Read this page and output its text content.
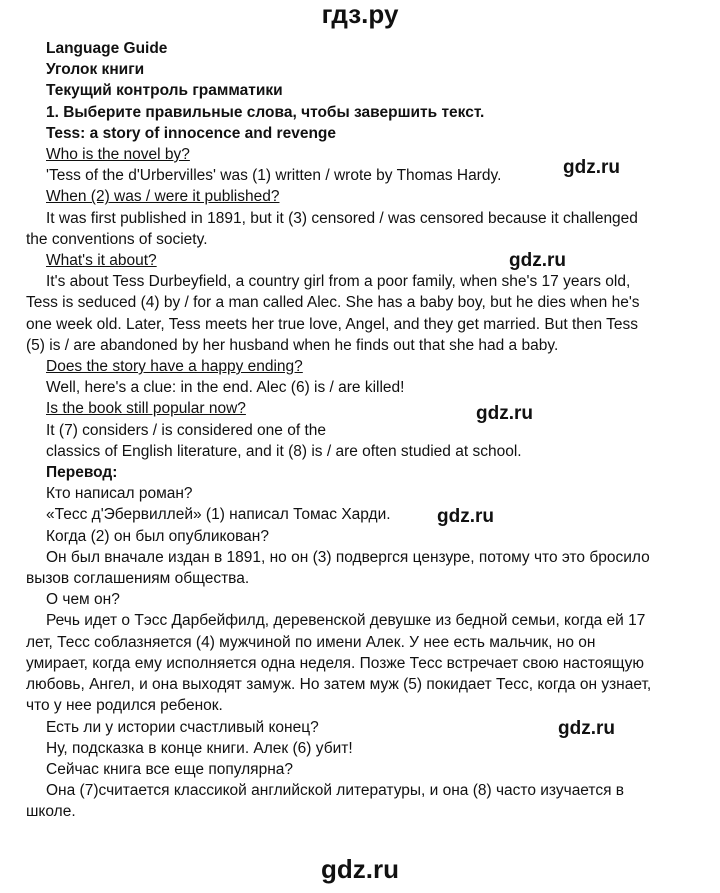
гдз.ру
gdz.ru
gdz.ru
gdz.ru
gdz.ru
gdz.ru
Language Guide
Уголок книги
Текущий контроль грамматики
1. Выберите правильные слова, чтобы завершить текст.
Tess: a story of innocence and revenge
Who is the novel by?
'Tess of the d'Urbervilles' was (1) written / wrote by Thomas Hardy.
When (2) was / were it published?
It was first published in 1891, but it (3) censored / was censored because it challenged
the conventions of society.
What's it about?
It's about Tess Durbeyfield, a country girl from a poor family, when she's 17 years old,
Tess is seduced (4) by / for a man called Alec. She has a baby boy, but he dies when he's
one week old. Later, Tess meets her true love, Angel, and they get married. But then Tess
(5) is / are abandoned by her husband when he finds out that she had a baby.
Does the story have a happy ending?
Well, here's a clue: in the end. Alec (6) is / are killed!
Is the book still popular now?
It (7) considers / is considered one of the
classics of English literature, and it (8) is / are often studied at school.
Перевод:
Кто написал роман?
«Тесс д'Эбервиллей» (1) написал Томас Харди.
Когда (2) он был опубликован?
Он был вначале издан в 1891, но он (3) подвергся цензуре, потому что это бросило
вызов соглашениям общества.
О чем он?
Речь идет о Тэсс Дарбейфилд, деревенской девушке из бедной семьи, когда ей 17
лет, Тесс соблазняется (4) мужчиной по имени Алек. У нее есть мальчик, но он
умирает, когда ему исполняется одна неделя. Позже Тесс встречает свою настоящую
любовь, Ангел, и она выходят замуж. Но затем муж (5) покидает Тесс, когда он узнает,
что у нее родился ребенок.
Есть ли у истории счастливый конец?
Ну, подсказка в конце книги. Алек (6) убит!
Сейчас книга все еще популярна?
Она (7)считается классикой английской литературы, и она (8) часто изучается в
школе.
gdz.ru
